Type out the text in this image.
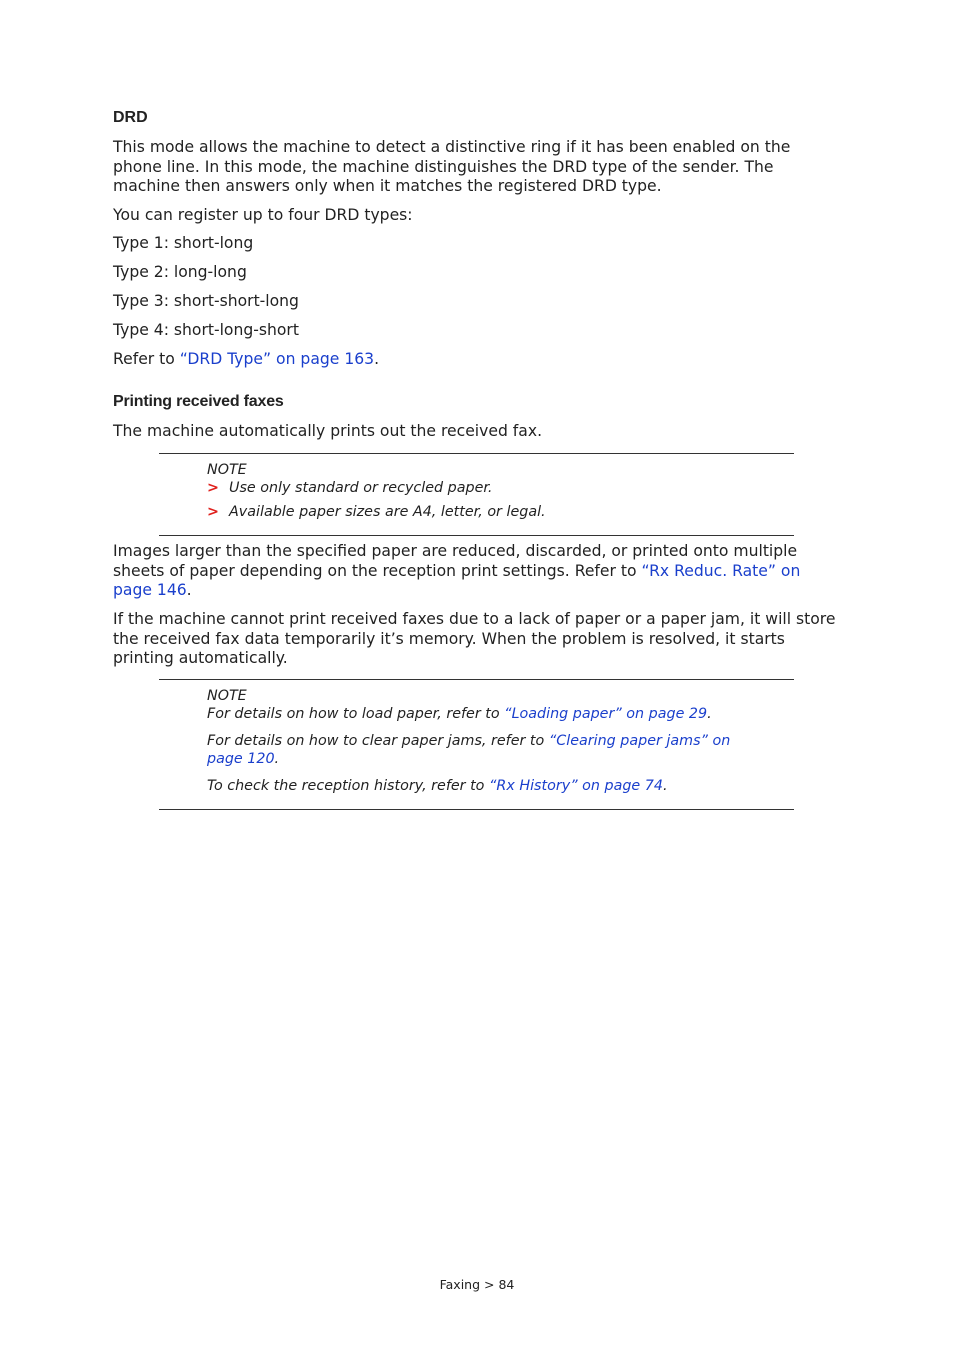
DRD

This mode allows the machine to detect a distinctive ring if it has been enabled on the phone line. In this mode, the machine distinguishes the DRD type of the sender. The machine then answers only when it matches the registered DRD type.

You can register up to four DRD types:

Type 1: short-long

Type 2: long-long

Type 3: short-short-long

Type 4: short-long-short

Refer to “DRD Type” on page 163.

Printing received faxes

The machine automatically prints out the received fax.

NOTE

> Use only standard or recycled paper.

> Available paper sizes are A4, letter, or legal.

Images larger than the specified paper are reduced, discarded, or printed onto multiple sheets of paper depending on the reception print settings. Refer to “Rx Reduc. Rate” on page 146.

If the machine cannot print received faxes due to a lack of paper or a paper jam, it will store the received fax data temporarily it’s memory. When the problem is resolved, it starts printing automatically.

NOTE

For details on how to load paper, refer to “Loading paper” on page 29.

For details on how to clear paper jams, refer to “Clearing paper jams” on page 120.

To check the reception history, refer to “Rx History” on page 74.

Faxing > 84
